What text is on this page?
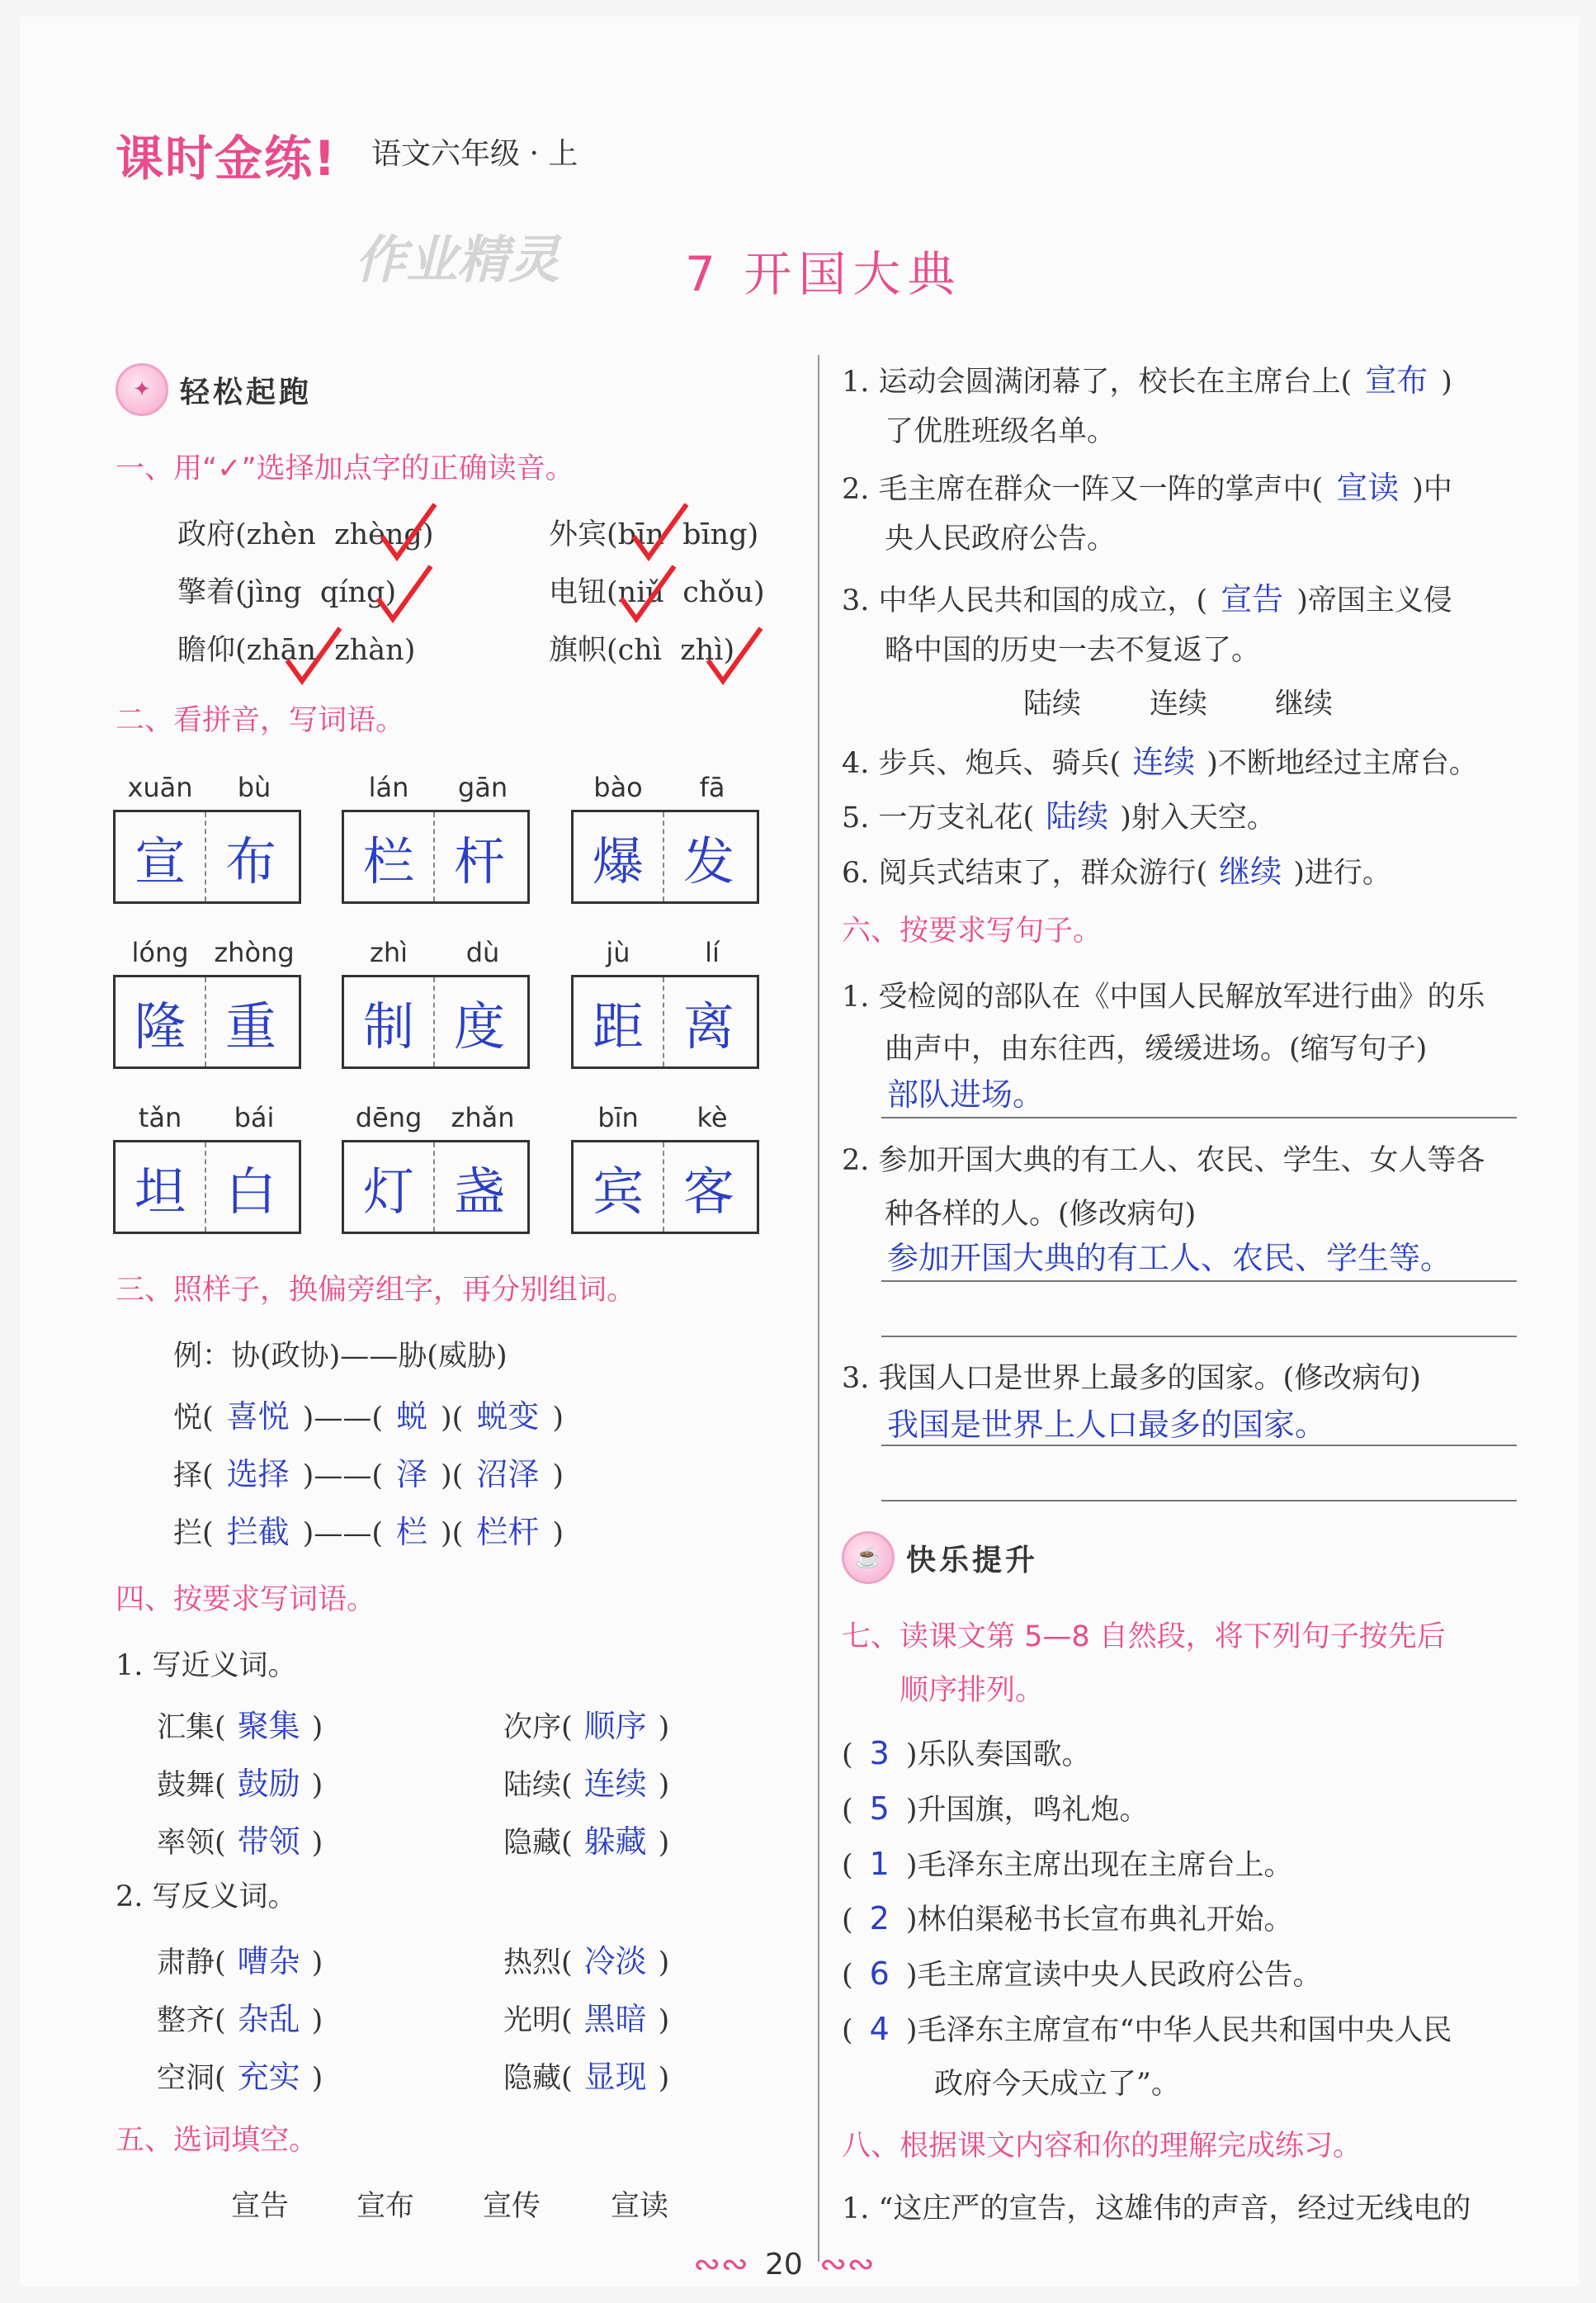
课时金练! 语文六年级 · 上
作业精灵	7 开国大典
✦ 轻松起跑
一、用“✓”选择加点字的正确读音。
政府(zhèn zhèng)	外宾(bīn bīng)
擎着(jìng qíng)	电钮(niǔ chǒu)
瞻仰(zhān zhàn)	旗帜(chì zhì)
二、看拼音，写词语。
xuān	bù
宣 布
lán	gān
栏 杆
bào	fā
爆 发
lóng zhòng
隆 重
zhì	dù
制 度
jù	lí
距 离
tǎn	bái
坦 白
dēng	zhǎn
灯 盏
bīn	kè
宾 客
三、照样子，换偏旁组字，再分别组词。
例：协(政协)——胁(威胁)
悦( 喜悦 )——( 蜕 )( 蜕变 )
择( 选择 )——( 泽 )( 沼泽 )
拦( 拦截 )——( 栏 )( 栏杆 )
四、按要求写词语。
1. 写近义词。
汇集( 聚集 )	次序( 顺序 )
鼓舞( 鼓励 )	陆续( 连续 )
率领( 带领 )	隐藏( 躲藏 )
2. 写反义词。
肃静( 嘈杂 )	热烈( 冷淡 )
整齐( 杂乱 )	光明( 黑暗 )
空洞( 充实 )	隐藏( 显现 )
五、选词填空。
宣告 宣布 宣传 宣读
1. 运动会圆满闭幕了，校长在主席台上( 宣布 )
了优胜班级名单。
2. 毛主席在群众一阵又一阵的掌声中( 宣读 )中
央人民政府公告。
3. 中华人民共和国的成立，( 宣告 )帝国主义侵
略中国的历史一去不复返了。
陆续 连续 继续
4. 步兵、炮兵、骑兵( 连续 )不断地经过主席台。
5. 一万支礼花( 陆续 )射入天空。
6. 阅兵式结束了，群众游行( 继续 )进行。
六、按要求写句子。
1. 受检阅的部队在《中国人民解放军进行曲》的乐
曲声中，由东往西，缓缓进场。(缩写句子)
部队进场。
2. 参加开国大典的有工人、农民、学生、女人等各
种各样的人。(修改病句)
参加开国大典的有工人、农民、学生等。
3. 我国人口是世界上最多的国家。(修改病句)
我国是世界上人口最多的国家。
☕ 快乐提升
七、读课文第 5—8 自然段，将下列句子按先后
顺序排列。
( 3 )乐队奏国歌。
( 5 )升国旗，鸣礼炮。
( 1 )毛泽东主席出现在主席台上。
( 2 )林伯渠秘书长宣布典礼开始。
( 6 )毛主席宣读中央人民政府公告。
( 4 )毛泽东主席宣布“中华人民共和国中央人民
政府今天成立了”。
八、根据课文内容和你的理解完成练习。
1. “这庄严的宣告，这雄伟的声音，经过无线电的
∾∾ 20 ∾∾
